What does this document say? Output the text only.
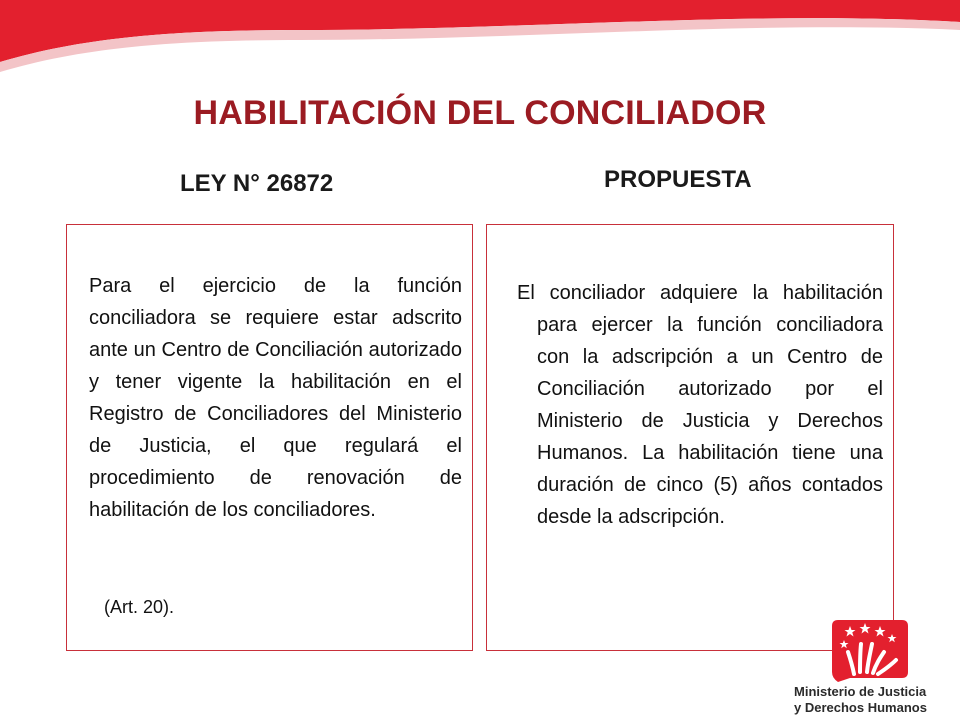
HABILITACIÓN DEL CONCILIADOR
LEY N° 26872	PROPUESTA
Para el ejercicio de la función conciliadora se requiere estar adscrito ante un Centro de Conciliación autorizado y tener vigente la habilitación en el Registro de Conciliadores del Ministerio de Justicia, el que regulará el procedimiento de renovación de habilitación de los conciliadores.
(Art. 20).
El conciliador adquiere la habilitación para ejercer la función conciliadora con la adscripción a un Centro de Conciliación autorizado por el Ministerio de Justicia y Derechos Humanos. La habilitación tiene una duración de cinco (5) años contados desde la adscripción.
Ministerio de Justicia
y Derechos Humanos
